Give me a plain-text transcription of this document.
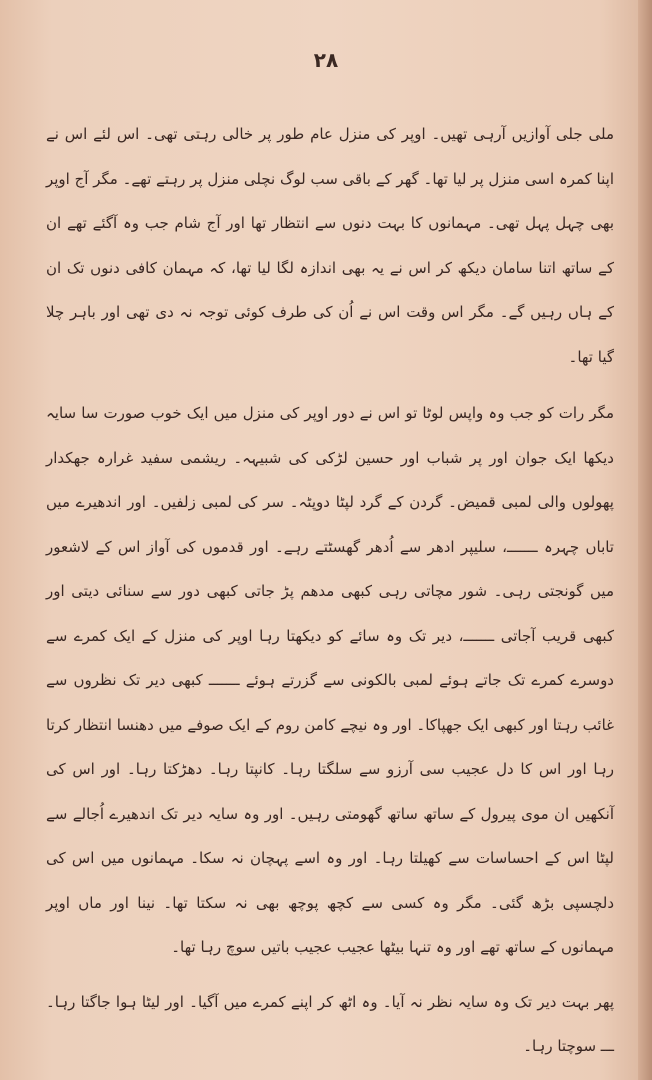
۲۸

ملی جلی آوازیں آرہی تھیں۔ اوپر کی منزل عام طور پر خالی رہتی تھی۔ اس لئے اس نے اپنا کمرہ اسی منزل پر لیا تھا۔ گھر کے باقی سب لوگ نچلی منزل پر رہتے تھے۔ مگر آج اوپر بھی چہل پہل تھی۔ مہمانوں کا بہت دنوں سے انتظار تھا اور آج شام جب وہ آگئے تھے ان کے ساتھ اتنا سامان دیکھ کر اس نے یہ بھی اندازہ لگا لیا تھا، کہ مہمان کافی دنوں تک ان کے ہاں رہیں گے۔ مگر اس وقت اس نے اُن کی طرف کوئی توجہ نہ دی تھی اور باہر چلا گیا تھا۔

مگر رات کو جب وہ واپس لوٹا تو اس نے دور اوپر کی منزل میں ایک خوب صورت سا سایہ دیکھا ایک جوان اور پر شباب اور حسین لڑکی کی شبیہہ۔ ریشمی سفید غرارہ جھکدار پھولوں والی لمبی قمیض۔ گردن کے گرد لپٹا دوپٹہ۔ سر کی لمبی زلفیں۔ اور اندھیرے میں تاباں چہرہ ـــــــ، سلیپر ادھر سے اُدھر گھسٹتے رہے۔ اور قدموں کی آواز اس کے لاشعور میں گونجتی رہی۔ شور مچاتی رہی کبھی مدھم پڑ جاتی کبھی دور سے سنائی دیتی اور کبھی قریب آجاتی ـــــــ، دیر تک وہ سائے کو دیکھتا رہا اوپر کی منزل کے ایک کمرے سے دوسرے کمرے تک جاتے ہوئے لمبی بالکونی سے گزرتے ہوئے ـــــــ کبھی دیر تک نظروں سے غائب رہتا اور کبھی ایک جھپاکا۔ اور وہ نیچے کامن روم کے ایک صوفے میں دھنسا انتظار کرتا رہا اور اس کا دل عجیب سی آرزو سے سلگتا رہا۔ کانپتا رہا۔ دھڑکتا رہا۔ اور اس کی آنکھیں ان موی پیرول کے ساتھ ساتھ گھومتی رہیں۔ اور وہ سایہ دیر تک اندھیرے اُجالے سے لپٹا اس کے احساسات سے کھیلتا رہا۔ اور وہ اسے پہچان نہ سکا۔ مہمانوں میں اس کی دلچسپی بڑھ گئی۔ مگر وہ کسی سے کچھ پوچھ بھی نہ سکتا تھا۔ نینا اور ماں اوپر مہمانوں کے ساتھ تھے اور وہ تنہا بیٹھا عجیب عجیب باتیں سوچ رہا تھا۔

پھر بہت دیر تک وہ سایہ نظر نہ آیا۔ وہ اٹھ کر اپنے کمرے میں آگیا۔ اور لیٹا ہوا جاگتا رہا۔ ـــ سوچتا رہا۔
